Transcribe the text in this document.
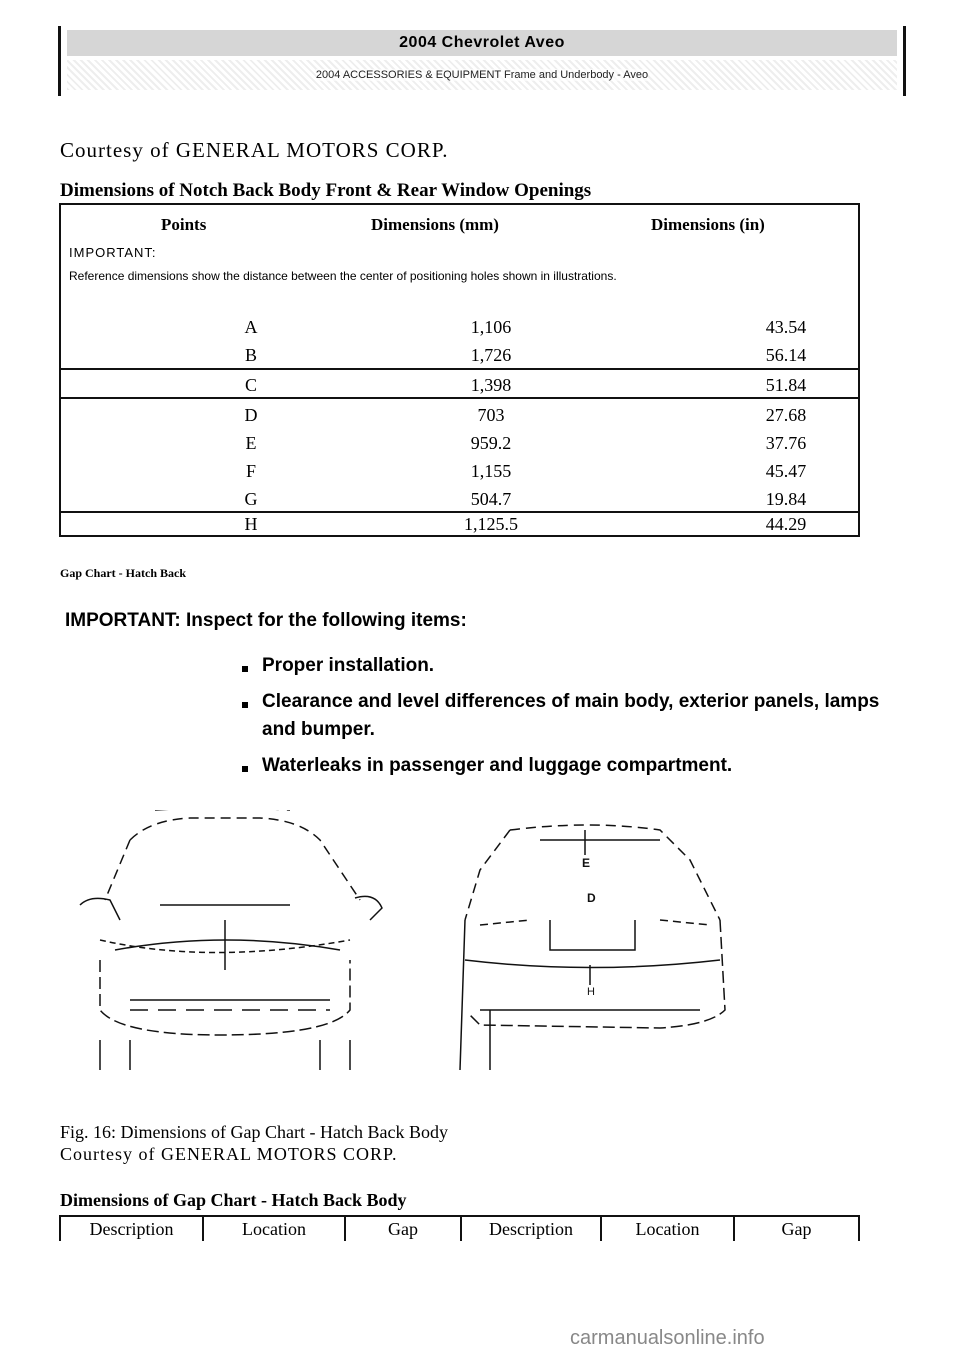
2004 Chevrolet Aveo
2004 ACCESSORIES & EQUIPMENT Frame and Underbody - Aveo
Courtesy of GENERAL MOTORS CORP.
Dimensions of Notch Back Body Front & Rear Window Openings
Points	Dimensions (mm)	Dimensions (in)
IMPORTANT:
Reference dimensions show the distance between the center of positioning holes shown in illustrations.
A	1,106	43.54
B	1,726	56.14
C	1,398	51.84
D	703	27.68
E	959.2	37.76
F	1,155	45.47
G	504.7	19.84
H	1,125.5	44.29
Gap Chart - Hatch Back
IMPORTANT: Inspect for the following items:
Proper installation.
Clearance and level differences of main body, exterior panels, lamps and bumper.
Waterleaks in passenger and luggage compartment.
E
D
H
Fig. 16: Dimensions of Gap Chart - Hatch Back Body
Courtesy of GENERAL MOTORS CORP.
Dimensions of Gap Chart - Hatch Back Body
Description	Location	Gap	Description	Location	Gap
carmanualsonline.info
